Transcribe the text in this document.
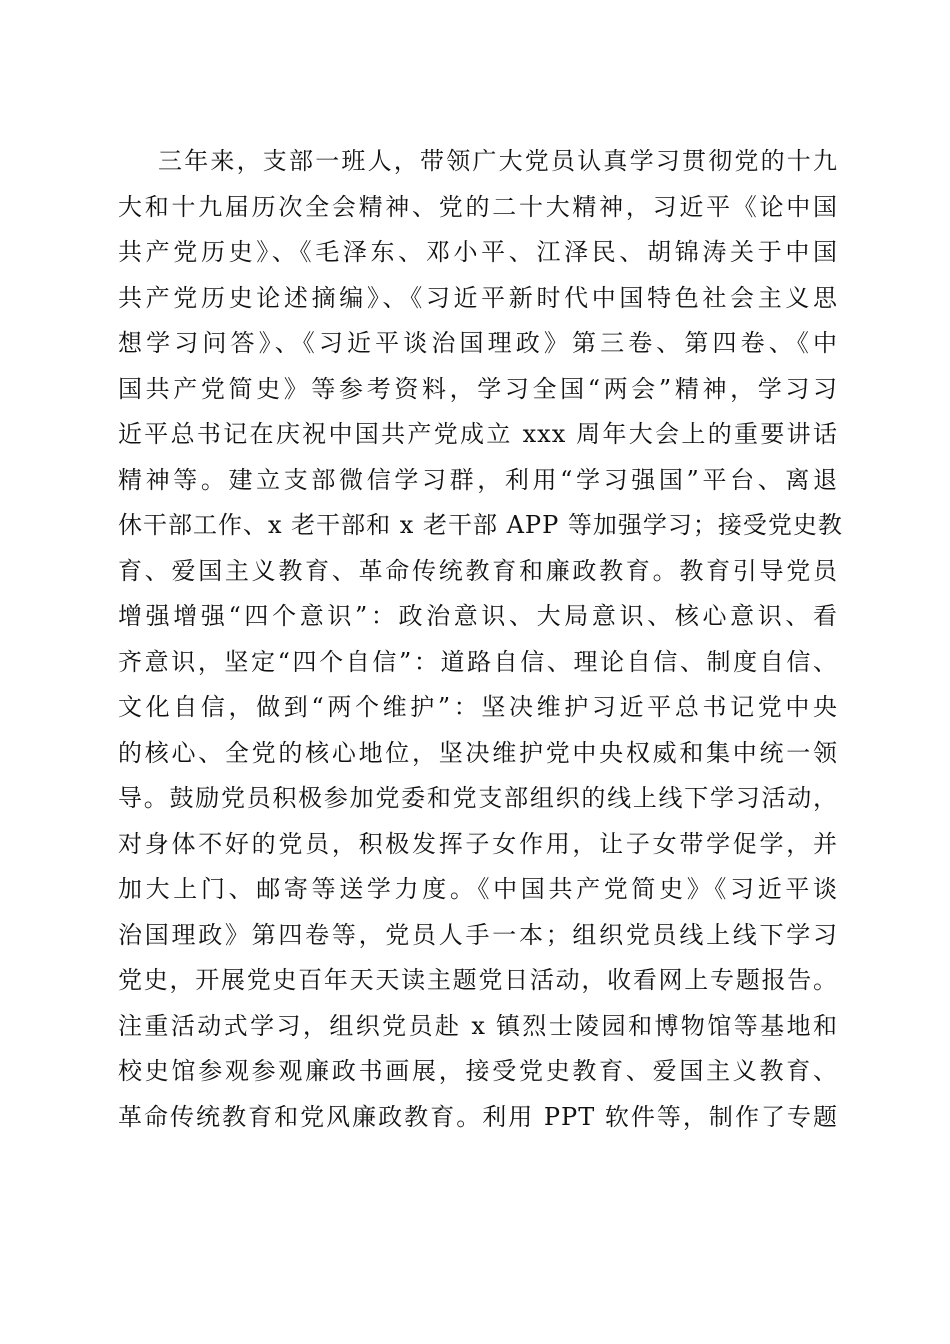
三年来，支部一班人，带领广大党员认真学习贯彻党的十九
大和十九届历次全会精神、党的二十大精神，习近平《论中国
共产党历史》、《毛泽东、邓小平、江泽民、胡锦涛关于中国
共产党历史论述摘编》、《习近平新时代中国特色社会主义思
想学习问答》、《习近平谈治国理政》第三卷、第四卷、《中
国共产党简史》等参考资料，学习全国“两会”精神，学习习
近平总书记在庆祝中国共产党成立 xxx 周年大会上的重要讲话
精神等。建立支部微信学习群，利用“学习强国”平台、离退
休干部工作、x 老干部和 x 老干部 APP 等加强学习；接受党史教
育、爱国主义教育、革命传统教育和廉政教育。教育引导党员
增强增强“四个意识”：政治意识、大局意识、核心意识、看
齐意识，坚定“四个自信”：道路自信、理论自信、制度自信、
文化自信，做到“两个维护”：坚决维护习近平总书记党中央
的核心、全党的核心地位，坚决维护党中央权威和集中统一领
导。鼓励党员积极参加党委和党支部组织的线上线下学习活动，
对身体不好的党员，积极发挥子女作用，让子女带学促学，并
加大上门、邮寄等送学力度。《中国共产党简史》《习近平谈
治国理政》第四卷等，党员人手一本；组织党员线上线下学习
党史，开展党史百年天天读主题党日活动，收看网上专题报告。
注重活动式学习，组织党员赴 x 镇烈士陵园和博物馆等基地和
校史馆参观参观廉政书画展，接受党史教育、爱国主义教育、
革命传统教育和党风廉政教育。利用 PPT 软件等，制作了专题
